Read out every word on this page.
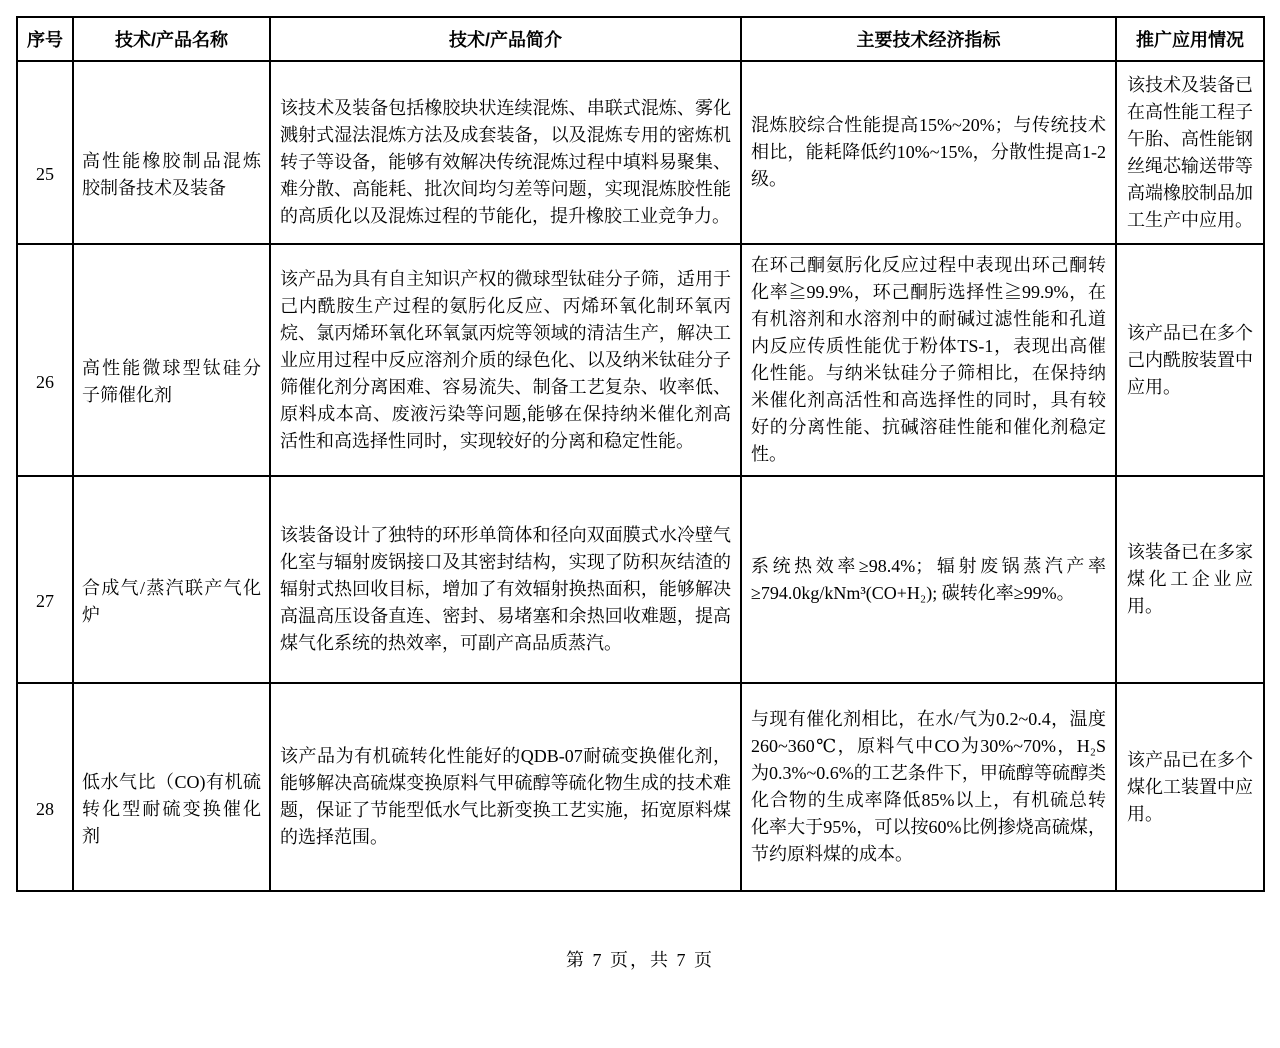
序号	技术/产品名称	技术/产品简介	主要技术经济指标	推广应用情况

25	高性能橡胶制品混炼胶制备技术及装备	该技术及装备包括橡胶块状连续混炼、串联式混炼、雾化溅射式湿法混炼方法及成套装备，以及混炼专用的密炼机转子等设备，能够有效解决传统混炼过程中填料易聚集、难分散、高能耗、批次间均匀差等问题，实现混炼胶性能的高质化以及混炼过程的节能化，提升橡胶工业竞争力。	混炼胶综合性能提高15%~20%；与传统技术相比，能耗降低约10%~15%，分散性提高1-2级。	该技术及装备已在高性能工程子午胎、高性能钢丝绳芯输送带等高端橡胶制品加工生产中应用。

26	高性能微球型钛硅分子筛催化剂	该产品为具有自主知识产权的微球型钛硅分子筛，适用于己内酰胺生产过程的氨肟化反应、丙烯环氧化制环氧丙烷、氯丙烯环氧化环氧氯丙烷等领域的清洁生产，解决工业应用过程中反应溶剂介质的绿色化、以及纳米钛硅分子筛催化剂分离困难、容易流失、制备工艺复杂、收率低、原料成本高、废液污染等问题,能够在保持纳米催化剂高活性和高选择性同时，实现较好的分离和稳定性能。	在环己酮氨肟化反应过程中表现出环己酮转化率≧99.9%，环己酮肟选择性≧99.9%，在有机溶剂和水溶剂中的耐碱过滤性能和孔道内反应传质性能优于粉体TS-1，表现出高催化性能。与纳米钛硅分子筛相比，在保持纳米催化剂高活性和高选择性的同时，具有较好的分离性能、抗碱溶硅性能和催化剂稳定性。	该产品已在多个己内酰胺装置中应用。

27	合成气/蒸汽联产气化炉	该装备设计了独特的环形单筒体和径向双面膜式水冷壁气化室与辐射废锅接口及其密封结构，实现了防积灰结渣的辐射式热回收目标，增加了有效辐射换热面积，能够解决高温高压设备直连、密封、易堵塞和余热回收难题，提高煤气化系统的热效率，可副产高品质蒸汽。	系统热效率≥98.4%；辐射废锅蒸汽产率≥794.0kg/kNm³(CO+H₂); 碳转化率≥99%。	该装备已在多家煤化工企业应用。

28	低水气比（CO)有机硫转化型耐硫变换催化剂	该产品为有机硫转化性能好的QDB-07耐硫变换催化剂，能够解决高硫煤变换原料气甲硫醇等硫化物生成的技术难题，保证了节能型低水气比新变换工艺实施，拓宽原料煤的选择范围。	与现有催化剂相比，在水/气为0.2~0.4，温度260~360℃，原料气中CO为30%~70%，H₂S为0.3%~0.6%的工艺条件下，甲硫醇等硫醇类化合物的生成率降低85%以上，有机硫总转化率大于95%，可以按60%比例掺烧高硫煤，节约原料煤的成本。	该产品已在多个煤化工装置中应用。
第 7 页，共 7 页
